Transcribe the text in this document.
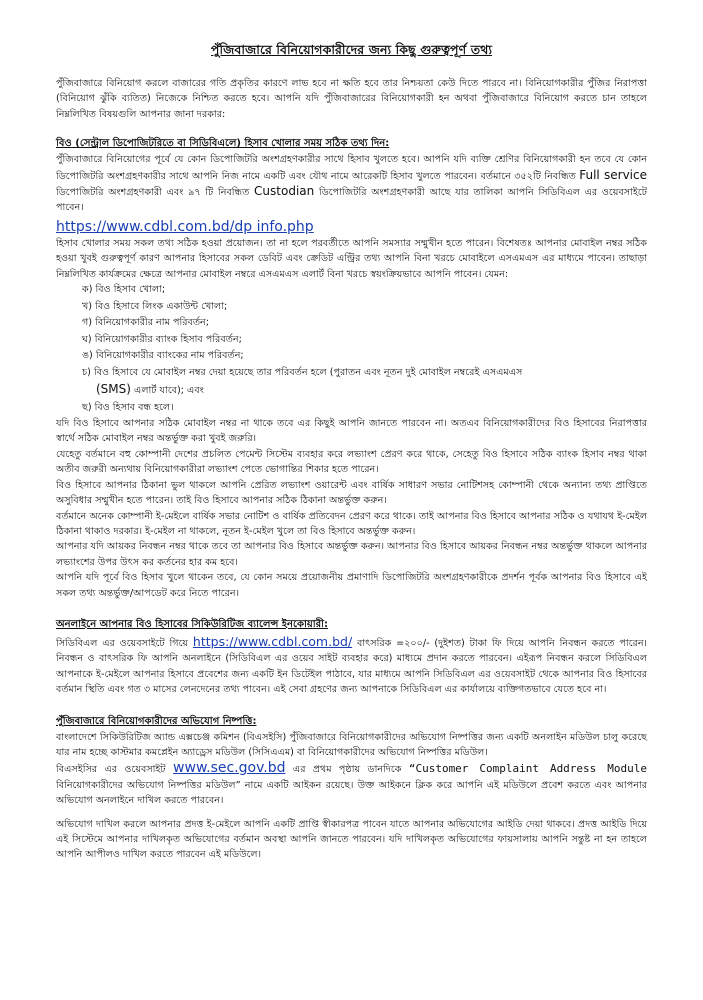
পুঁজিবাজারে বিনিয়োগকারীদের জন্য কিছু গুরুত্বপূর্ণ তথ্য

পুঁজিবাজারে বিনিয়োগ করলে বাজারের গতি প্রকৃতির কারণে লাভ হবে না ক্ষতি হবে তার নিশ্চয়তা কেউ দিতে পারবে না। বিনিয়োগকারীর পুঁজির নিরাপত্তা (বিনিয়োগ ঝুঁকি ব্যতিত) নিজেকে নিশ্চিত করতে হবে। আপনি যদি পুঁজিবাজারের বিনিয়োগকারী হন অথবা পুঁজিবাজারে বিনিয়োগ করতে চান তাহলে নিম্নলিখিত বিষয়গুলি আপনার জানা দরকার:

বিও (সেন্ট্রাল ডিপোজিটরিতে বা সিডিবিএলে) হিসাব খোলার সময় সঠিক তথ্য দিন:

পুঁজিবাজারে বিনিয়োগের পূর্বে যে কোন ডিপোজিটরি অংশগ্রহণকারীর সাথে হিসাব খুলতে হবে। আপনি যদি ব্যক্তি শ্রেণির বিনিয়োগকারী হন তবে যে কোন ডিপোজিটরি অংশগ্রহণকারীর সাথে আপনি নিজ নামে একটি এবং যৌথ নামে আরেকটি হিসাব খুলতে পারবেন। বর্তমানে ৩৫২টি নিবন্ধিত Full service ডিপোজিটরি অংশগ্রহণকারী এবং ৯৭ টি নিবন্ধিত Custodian ডিপোজিটরি অংশগ্রহণকারী আছে যার তালিকা আপনি সিডিবিএল এর ওয়েবসাইটে পাবেন।

https://www.cdbl.com.bd/dp info.php

হিসাব খোলার সময় সকল তথ্য সঠিক হওয়া প্রয়োজন। তা না হলে পরবর্তীতে আপনি সমস্যার সম্মুখীন হতে পারেন। বিশেষতঃ আপনার মোবাইল নম্বর সঠিক হওয়া খুবই গুরুত্বপূর্ণ কারণ আপনার হিসাবের সকল ডেবিট এবং ক্রেডিট এন্ট্রির তথ্য আপনি বিনা খরচে মোবাইলে এসএমএস এর মাধ্যমে পাবেন। তাছাড়া নিম্নলিখিত কার্যক্রমের ক্ষেত্রে আপনার মোবাইল নম্বরে এসএমএস এলার্ট বিনা খরচে স্বয়ংক্রিয়ভাবে আপনি পাবেন। যেমন:

ক) বিও হিসাব খোলা;
খ) বিও হিসাবে লিংক একাউন্ট খোলা;
গ) বিনিয়োগকারীর নাম পরিবর্তন;
ঘ) বিনিয়োগকারীর ব্যাংক হিসাব পরিবর্তন;
ঙ) বিনিয়োগকারীর ব্যাংকের নাম পরিবর্তন;
চ) বিও হিসাবে যে মোবাইল নম্বর দেয়া হয়েছে তার পরিবর্তন হলে (পুরাতন এবং নূতন দুই মোবাইল নম্বরেই এসএমএস
(SMS) এলার্ট যাবে); এবং
ছ) বিও হিসাব বন্ধ হলে।

যদি বিও হিসাবে আপনার সঠিক মোবাইল নম্বর না থাকে তবে এর কিছুই আপনি জানতে পারবেন না। অতএব বিনিয়োগকারীদের বিও হিসাবের নিরাপত্তার স্বার্থে সঠিক মোবাইল নম্বর অন্তর্ভুক্ত করা খুবই জরুরি।

যেহেতু বর্তমানে বহু কোম্পানী দেশের প্রচলিত পেমেন্ট সিস্টেম ব্যবহার করে লভ্যাংশ প্রেরণ করে থাকে, সেহেতু বিও হিসাবে সঠিক ব্যাংক হিসাব নম্বর থাকা অতীব জরুরী অন্যথায় বিনিয়োগকারীরা লভ্যাংশ পেতে ভোগান্তির শিকার হতে পারেন।

বিও হিসাবে আপনার ঠিকানা ভুল থাকলে আপনি প্রেরিত লভ্যাংশ ওয়ারেন্ট এবং বার্ষিক সাধারণ সভার নোটিশসহ কোম্পানী থেকে অন্যান্য তথ্য প্রাপ্তিতে অসুবিধার সম্মুখীন হতে পারেন। তাই বিও হিসাবে আপনার সঠিক ঠিকানা অন্তর্ভুক্ত করুন।

বর্তমানে অনেক কোম্পানী ই-মেইলে বার্ষিক সভার নোটিশ ও বার্ষিক প্রতিবেদন প্রেরণ করে থাকে। তাই আপনার বিও হিসাবে আপনার সঠিক ও যথাযথ ই-মেইল ঠিকানা থাকাও দরকার। ই-মেইল না থাকলে, নূতন ই-মেইল খুলে তা বিও হিসাবে অন্তর্ভুক্ত করুন।

আপনার যদি আয়কর নিবন্ধন নম্বর থাকে তবে তা আপনার বিও হিসাবে অন্তর্ভুক্ত করুন। আপনার বিও হিসাবে আয়কর নিবন্ধন নম্বর অন্তর্ভুক্ত থাকলে আপনার লভ্যাংশের উপর উৎস কর কর্তনের হার কম হবে।

আপনি যদি পূর্বে বিও হিসাব খুলে থাকেন তবে, যে কোন সময়ে প্রয়োজনীয় প্রমাণাদি ডিপোজিটরি অংশগ্রহণকারীকে প্রদর্শন পূর্বক আপনার বিও হিসাবে এই সকল তথ্য অন্তর্ভুক্ত/আপডেট করে নিতে পারেন।

অনলাইনে আপনার বিও হিসাবের সিকিউরিটিজ ব্যালেন্স ইনকোয়ারী:

সিডিবিএল এর ওয়েবসাইটে গিয়ে https://www.cdbl.com.bd/ বাৎসরিক =২০০/- (দুইশত) টাকা ফি দিয়ে আপনি নিবন্ধন করতে পারেন। নিবন্ধন ও বাৎসরিক ফি আপনি অনলাইনে (সিডিবিএল এর ওয়েব সাইট ব্যবহার করে) মাধ্যমে প্রদান করতে পারবেন। এইরূপ নিবন্ধন করলে সিডিবিএল আপনাকে ই-মেইলে আপনার হিসাবে প্রবেশের জন্য একটি ইন ডিটেইল পাঠাবে, যার মাধ্যমে আপনি সিডিবিএল এর ওয়েবসাইট থেকে আপনার বিও হিসাবের বর্তমান স্থিতি এবং গত ৩ মাসের লেনদেনের তথ্য পাবেন। এই সেবা গ্রহণের জন্য আপনাকে সিডিবিএল এর কার্যালয়ে ব্যক্তিগতভাবে যেতে হবে না।

পুঁজিবাজারে বিনিয়োগকারীদের অভিযোগ নিষ্পত্তি:

বাংলাদেশে সিকিউরিটিজ অ্যান্ড এক্সচেঞ্জ কমিশন (বিএসইসি) পুঁজিবাজারে বিনিয়োগকারীদের অভিযোগ নিষ্পত্তির জন্য একটি অনলাইন মডিউল চালু করেছে যার নাম হচ্ছে কাস্টমার কমপ্লেইন অ্যাড্রেস মডিউল (সিসিএএম) বা বিনিয়োগকারীদের অভিযোগ নিষ্পত্তির মডিউল।

বিএসইসির এর ওয়েবসাইট www.sec.gov.bd এর প্রথম পৃষ্ঠায় ডানদিকে “Customer Complaint Address Module বিনিয়োগকারীদের অভিযোগ নিষ্পত্তির মডিউল” নামে একটি আইকন রয়েছে। উক্ত আইকনে ক্লিক করে আপনি এই মডিউলে প্রবেশ করতে এবং আপনার অভিযোগ অনলাইনে দাখিল করতে পারবেন।

অভিযোগ দাখিল করলে আপনার প্রদত্ত ই-মেইলে আপনি একটি প্রাপ্তি স্বীকারপত্র পাবেন যাতে আপনার অভিযোগের আইডি দেয়া থাকবে। প্রদত্ত আইডি দিয়ে এই সিস্টেমে আপনার দাখিলকৃত অভিযোগের বর্তমান অবস্থা আপনি জানতে পারবেন। যদি দাখিলকৃত অভিযোগের ফায়সালায় আপনি সন্তুষ্ট না হন তাহলে আপনি আপীলও দাখিল করতে পারবেন এই মডিউলে।
